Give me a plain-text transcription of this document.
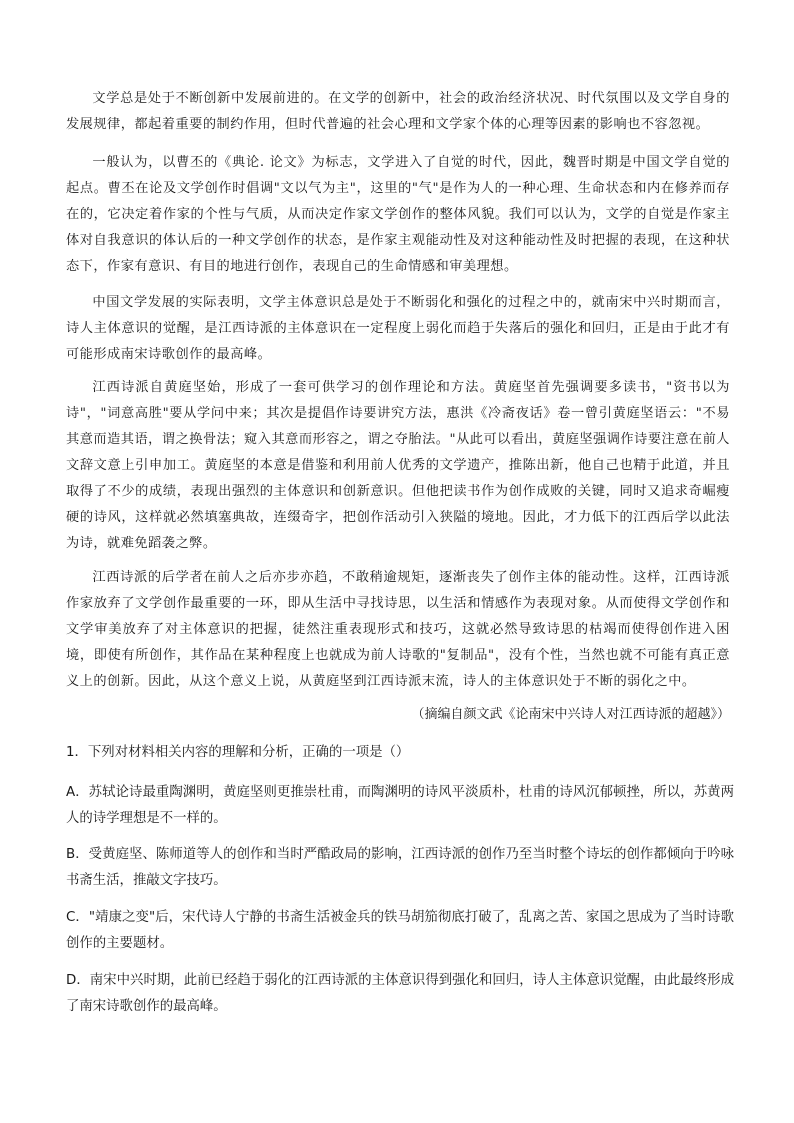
文学总是处于不断创新中发展前进的。在文学的创新中，社会的政治经济状况、时代氛围以及文学自身的发展规律，都起着重要的制约作用，但时代普遍的社会心理和文学家个体的心理等因素的影响也不容忽视。

一般认为，以曹丕的《典论. 论文》为标志，文学进入了自觉的时代，因此，魏晋时期是中国文学自觉的起点。曹丕在论及文学创作时倡调"文以气为主"，这里的"气"是作为人的一种心理、生命状态和内在修养而存在的，它决定着作家的个性与气质，从而决定作家文学创作的整体风貌。我们可以认为，文学的自觉是作家主体对自我意识的体认后的一种文学创作的状态，是作家主观能动性及对这种能动性及时把握的表现，在这种状态下，作家有意识、有目的地进行创作，表现自己的生命情感和审美理想。

中国文学发展的实际表明，文学主体意识总是处于不断弱化和强化的过程之中的，就南宋中兴时期而言，诗人主体意识的觉醒，是江西诗派的主体意识在一定程度上弱化而趋于失落后的强化和回归，正是由于此才有可能形成南宋诗歌创作的最高峰。

江西诗派自黄庭坚始，形成了一套可供学习的创作理论和方法。黄庭坚首先强调要多读书，"资书以为诗"，"词意高胜"要从学问中来；其次是提倡作诗要讲究方法，惠洪《冷斋夜话》卷一曾引黄庭坚语云："不易其意而造其语，谓之换骨法；窥入其意而形容之，谓之夺胎法。"从此可以看出，黄庭坚强调作诗要注意在前人文辞文意上引申加工。黄庭坚的本意是借鉴和利用前人优秀的文学遗产，推陈出新，他自己也精于此道，并且取得了不少的成绩，表现出强烈的主体意识和创新意识。但他把读书作为创作成败的关键，同时又追求奇崛瘦硬的诗风，这样就必然填塞典故，连缀奇字，把创作活动引入狭隘的境地。因此，才力低下的江西后学以此法为诗，就难免蹈袭之弊。

江西诗派的后学者在前人之后亦步亦趋，不敢稍逾规矩，逐渐丧失了创作主体的能动性。这样，江西诗派作家放弃了文学创作最重要的一环，即从生活中寻找诗思，以生活和情感作为表现对象。从而使得文学创作和文学审美放弃了对主体意识的把握，徒然注重表现形式和技巧，这就必然导致诗思的枯竭而使得创作进入困境，即使有所创作，其作品在某种程度上也就成为前人诗歌的"复制品"，没有个性，当然也就不可能有真正意义上的创新。因此，从这个意义上说，从黄庭坚到江西诗派末流，诗人的主体意识处于不断的弱化之中。

（摘编自颜文武《论南宋中兴诗人对江西诗派的超越》）

1．下列对材料相关内容的理解和分析，正确的一项是（）

A．苏轼论诗最重陶渊明，黄庭坚则更推崇杜甫，而陶渊明的诗风平淡质朴，杜甫的诗风沉郁顿挫，所以，苏黄两人的诗学理想是不一样的。

B．受黄庭坚、陈师道等人的创作和当时严酷政局的影响，江西诗派的创作乃至当时整个诗坛的创作都倾向于吟咏书斋生活，推敲文字技巧。

C．"靖康之变"后，宋代诗人宁静的书斋生活被金兵的铁马胡笳彻底打破了，乱离之苦、家国之思成为了当时诗歌创作的主要题材。

D．南宋中兴时期，此前已经趋于弱化的江西诗派的主体意识得到强化和回归，诗人主体意识觉醒，由此最终形成了南宋诗歌创作的最高峰。
